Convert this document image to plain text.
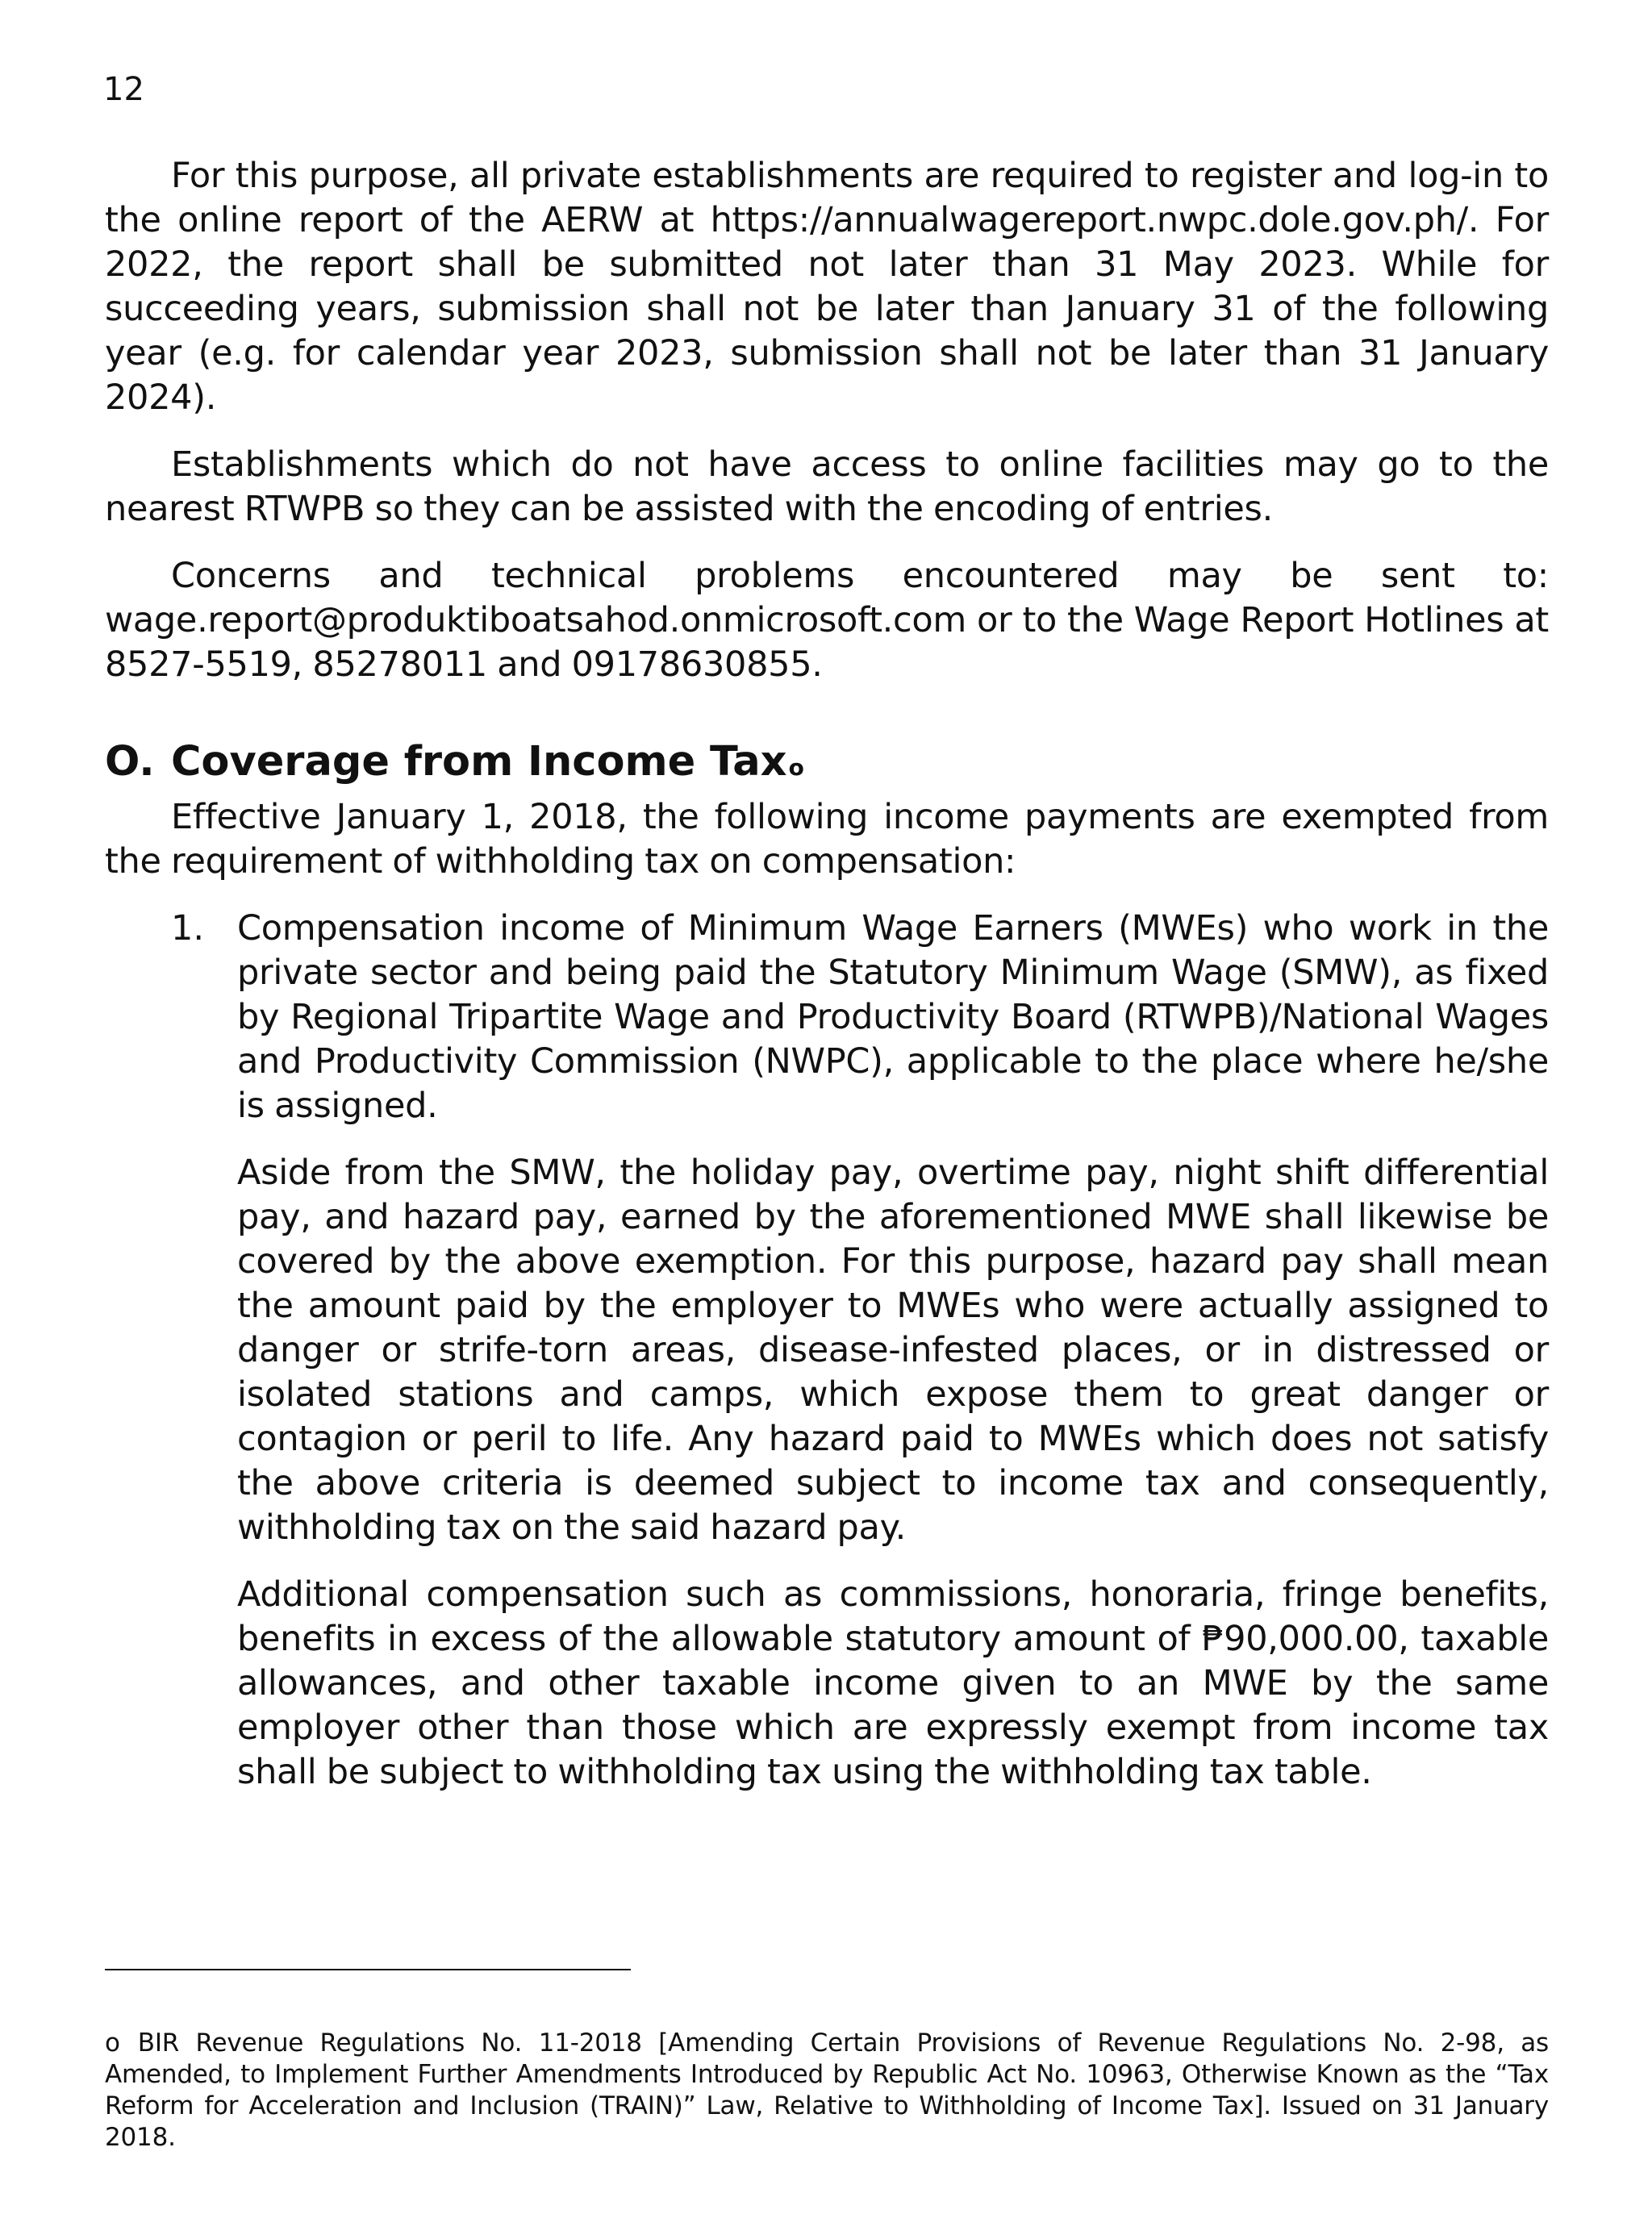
12

For this purpose, all private establishments are required to register and log-in to the online report of the AERW at https://annualwagereport.nwpc.dole.gov.ph/. For 2022, the report shall be submitted not later than 31 May 2023. While for succeeding years, submission shall not be later than January 31 of the following year (e.g. for calendar year 2023, submission shall not be later than 31 January 2024).

Establishments which do not have access to online facilities may go to the nearest RTWPB so they can be assisted with the encoding of entries.

Concerns and technical problems encountered may be sent to: wage.report@produktiboatsahod.onmicrosoft.com or to the Wage Report Hotlines at 8527-5519, 85278011 and 09178630855.

O. Coverage from Income Tax o

Effective January 1, 2018, the following income payments are exempted from the requirement of withholding tax on compensation:

1. Compensation income of Minimum Wage Earners (MWEs) who work in the private sector and being paid the Statutory Minimum Wage (SMW), as fixed by Regional Tripartite Wage and Productivity Board (RTWPB)/National Wages and Productivity Commission (NWPC), applicable to the place where he/she is assigned.

Aside from the SMW, the holiday pay, overtime pay, night shift differential pay, and hazard pay, earned by the aforementioned MWE shall likewise be covered by the above exemption. For this purpose, hazard pay shall mean the amount paid by the employer to MWEs who were actually assigned to danger or strife-torn areas, disease-infested places, or in distressed or isolated stations and camps, which expose them to great danger or contagion or peril to life. Any hazard paid to MWEs which does not satisfy the above criteria is deemed subject to income tax and consequently, withholding tax on the said hazard pay.

Additional compensation such as commissions, honoraria, fringe benefits, benefits in excess of the allowable statutory amount of ₱90,000.00, taxable allowances, and other taxable income given to an MWE by the same employer other than those which are expressly exempt from income tax shall be subject to withholding tax using the withholding tax table.

o BIR Revenue Regulations No. 11-2018 [Amending Certain Provisions of Revenue Regulations No. 2-98, as Amended, to Implement Further Amendments Introduced by Republic Act No. 10963, Otherwise Known as the “Tax Reform for Acceleration and Inclusion (TRAIN)” Law, Relative to Withholding of Income Tax]. Issued on 31 January 2018.
